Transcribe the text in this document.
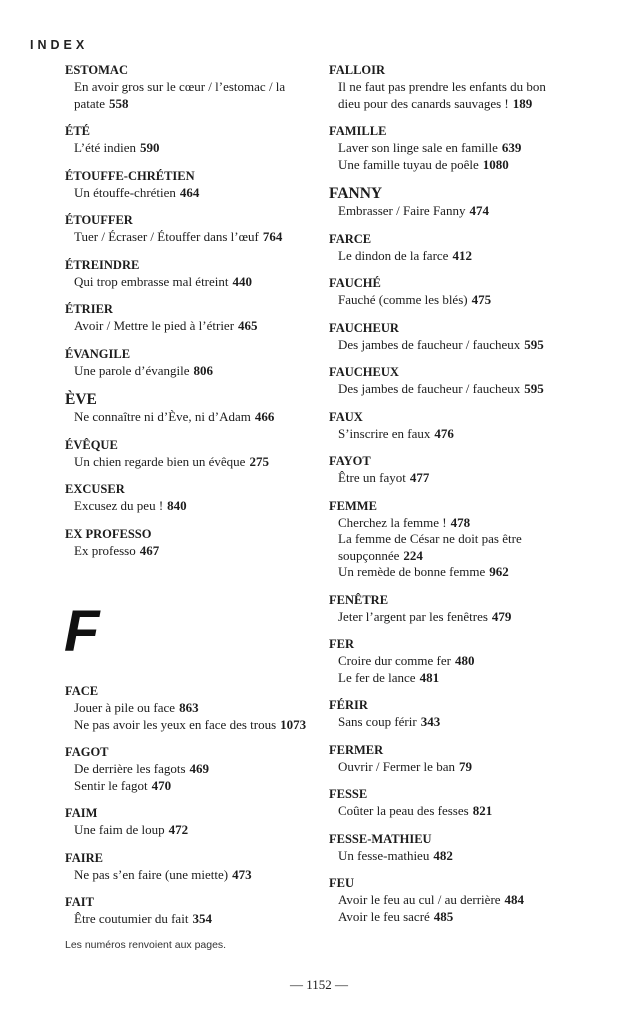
INDEX
ESTOMAC
En avoir gros sur le cœur / l’estomac / la
patate 558
ÉTÉ
L’été indien 590
ÉTOUFFE-CHRÉTIEN
Un étouffe-chrétien 464
ÉTOUFFER
Tuer / Écraser / Étouffer dans l’œuf 764
ÉTREINDRE
Qui trop embrasse mal étreint 440
ÉTRIER
Avoir / Mettre le pied à l’étrier 465
ÉVANGILE
Une parole d’évangile 806
ÈVE
Ne connaître ni d’Ève, ni d’Adam 466
ÉVÊQUE
Un chien regarde bien un évêque 275
EXCUSER
Excusez du peu ! 840
EX PROFESSO
Ex professo 467
F
FACE
Jouer à pile ou face 863
Ne pas avoir les yeux en face des trous 1073
FAGOT
De derrière les fagots 469
Sentir le fagot 470
FAIM
Une faim de loup 472
FAIRE
Ne pas s’en faire (une miette) 473
FAIT
Être coutumier du fait 354
FALLOIR
Il ne faut pas prendre les enfants du bon
dieu pour des canards sauvages ! 189
FAMILLE
Laver son linge sale en famille 639
Une famille tuyau de poêle 1080
FANNY
Embrasser / Faire Fanny 474
FARCE
Le dindon de la farce 412
FAUCHÉ
Fauché (comme les blés) 475
FAUCHEUR
Des jambes de faucheur / faucheux 595
FAUCHEUX
Des jambes de faucheur / faucheux 595
FAUX
S’inscrire en faux 476
FAYOT
Être un fayot 477
FEMME
Cherchez la femme ! 478
La femme de César ne doit pas être
soupçonnée 224
Un remède de bonne femme 962
FENÊTRE
Jeter l’argent par les fenêtres 479
FER
Croire dur comme fer 480
Le fer de lance 481
FÉRIR
Sans coup férir 343
FERMER
Ouvrir / Fermer le ban 79
FESSE
Coûter la peau des fesses 821
FESSE-MATHIEU
Un fesse-mathieu 482
FEU
Avoir le feu au cul / au derrière 484
Avoir le feu sacré 485
Les numéros renvoient aux pages.
— 1152 —
